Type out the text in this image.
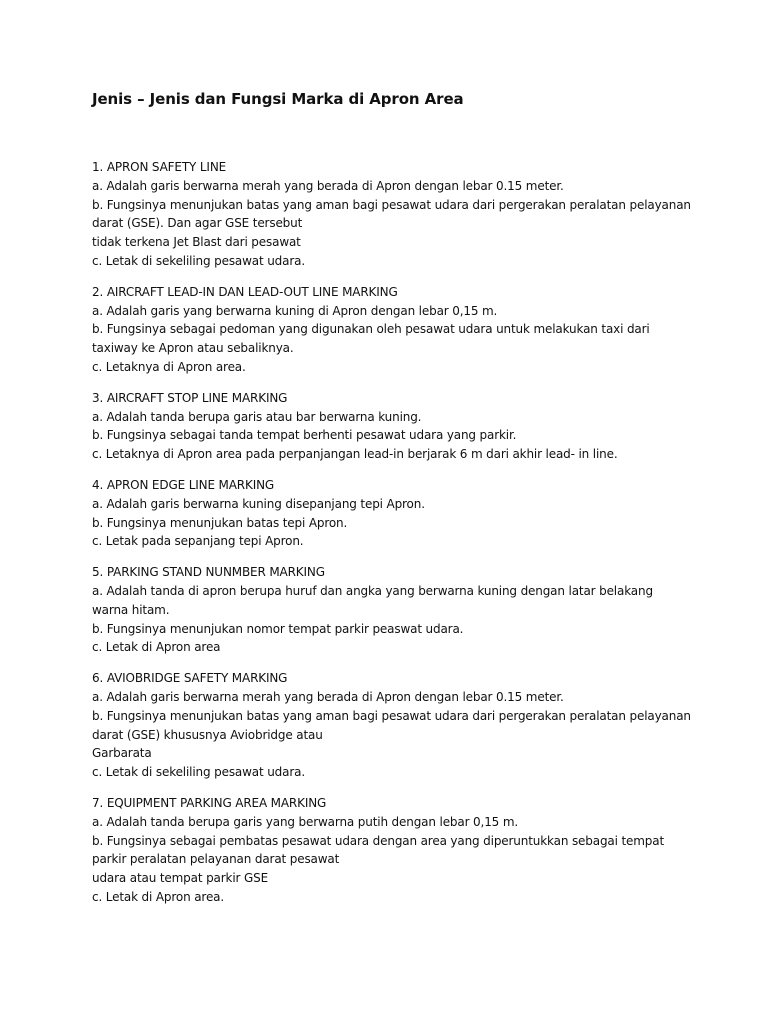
Jenis – Jenis dan Fungsi Marka di Apron Area
1. APRON SAFETY LINE
a. Adalah garis berwarna merah yang berada di Apron dengan lebar 0.15 meter.
b. Fungsinya menunjukan batas yang aman bagi pesawat udara dari pergerakan peralatan pelayanan
darat (GSE). Dan agar GSE tersebut
tidak terkena Jet Blast dari pesawat
c. Letak di sekeliling pesawat udara.
2. AIRCRAFT LEAD-IN DAN LEAD-OUT LINE MARKING
a. Adalah garis yang berwarna kuning di Apron dengan lebar 0,15 m.
b. Fungsinya sebagai pedoman yang digunakan oleh pesawat udara untuk melakukan taxi dari
taxiway ke Apron atau sebaliknya.
c. Letaknya di Apron area.
3. AIRCRAFT STOP LINE MARKING
a. Adalah tanda berupa garis atau bar berwarna kuning.
b. Fungsinya sebagai tanda tempat berhenti pesawat udara yang parkir.
c. Letaknya di Apron area pada perpanjangan lead-in berjarak 6 m dari akhir lead- in line.
4. APRON EDGE LINE MARKING
a. Adalah garis berwarna kuning disepanjang tepi Apron.
b. Fungsinya menunjukan batas tepi Apron.
c. Letak pada sepanjang tepi Apron.
5. PARKING STAND NUNMBER MARKING
a. Adalah tanda di apron berupa huruf dan angka yang berwarna kuning dengan latar belakang
warna hitam.
b. Fungsinya menunjukan nomor tempat parkir peaswat udara.
c. Letak di Apron area
6. AVIOBRIDGE SAFETY MARKING
a. Adalah garis berwarna merah yang berada di Apron dengan lebar 0.15 meter.
b. Fungsinya menunjukan batas yang aman bagi pesawat udara dari pergerakan peralatan pelayanan
darat (GSE) khususnya Aviobridge atau
Garbarata
c. Letak di sekeliling pesawat udara.
7. EQUIPMENT PARKING AREA MARKING
a. Adalah tanda berupa garis yang berwarna putih dengan lebar 0,15 m.
b. Fungsinya sebagai pembatas pesawat udara dengan area yang diperuntukkan sebagai tempat
parkir peralatan pelayanan darat pesawat
udara atau tempat parkir GSE
c. Letak di Apron area.
